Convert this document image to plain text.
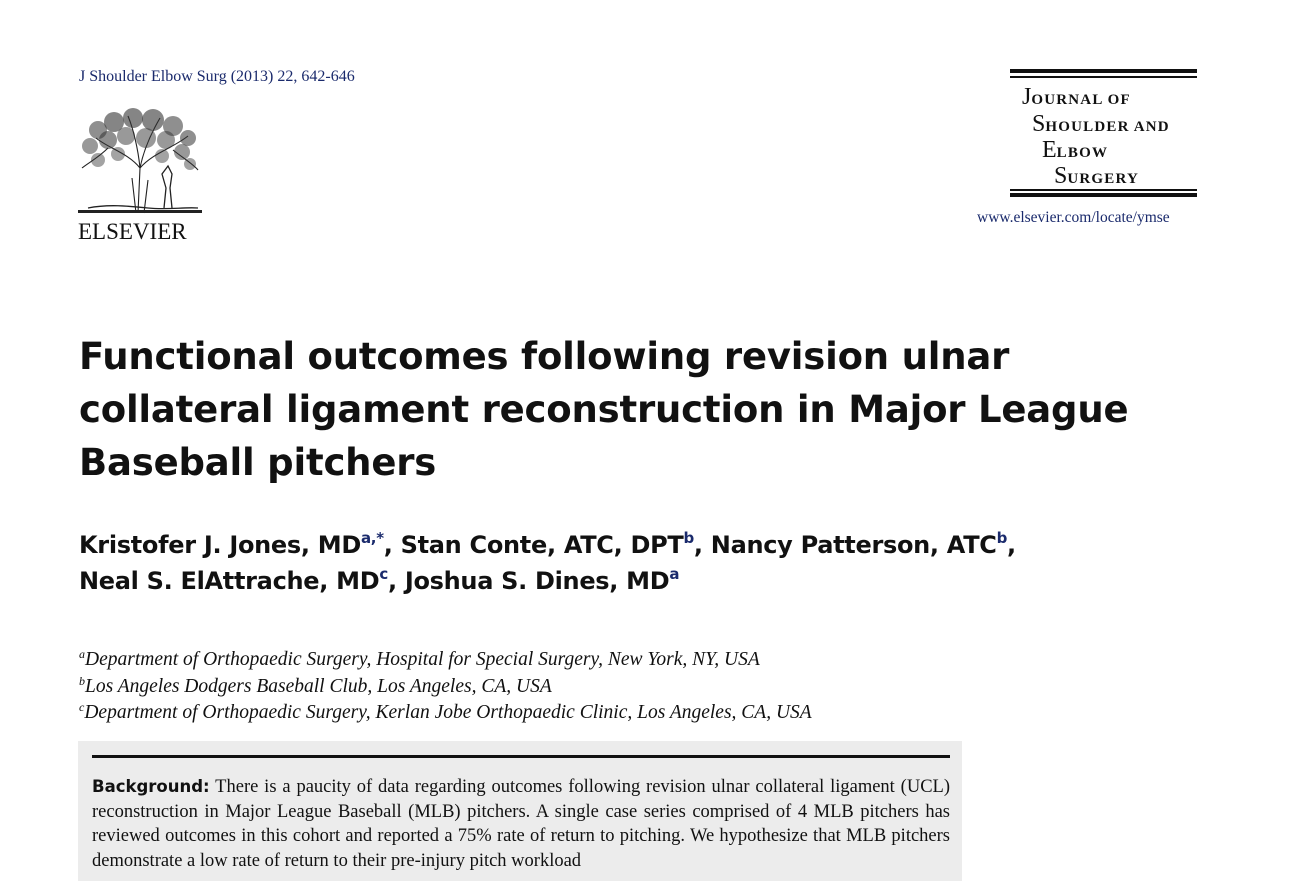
J Shoulder Elbow Surg (2013) 22, 642-646
ELSEVIER
JOURNAL OF
SHOULDER AND
ELBOW
SURGERY
www.elsevier.com/locate/ymse
Functional outcomes following revision ulnar collateral ligament reconstruction in Major League Baseball pitchers
Kristofer J. Jones, $MD^{a,*}$, Stan Conte, ATC, DPT$^b$, Nancy Patterson, ATC$^b$,
Neal S. ElAttrache, $MD^c$, Joshua S. Dines, $MD^a$
$^a$Department of Orthopaedic Surgery, Hospital for Special Surgery, New York, NY, USA
$^b$Los Angeles Dodgers Baseball Club, Los Angeles, CA, USA
$^c$Department of Orthopaedic Surgery, Kerlan Jobe Orthopaedic Clinic, Los Angeles, CA, USA
Background: There is a paucity of data regarding outcomes following revision ulnar collateral ligament (UCL) reconstruction in Major League Baseball (MLB) pitchers. A single case series comprised of 4 MLB pitchers has reviewed outcomes in this cohort and reported a 75% rate of return to pitching. We hypothesize that MLB pitchers demonstrate a low rate of return to their pre-injury pitch workload
